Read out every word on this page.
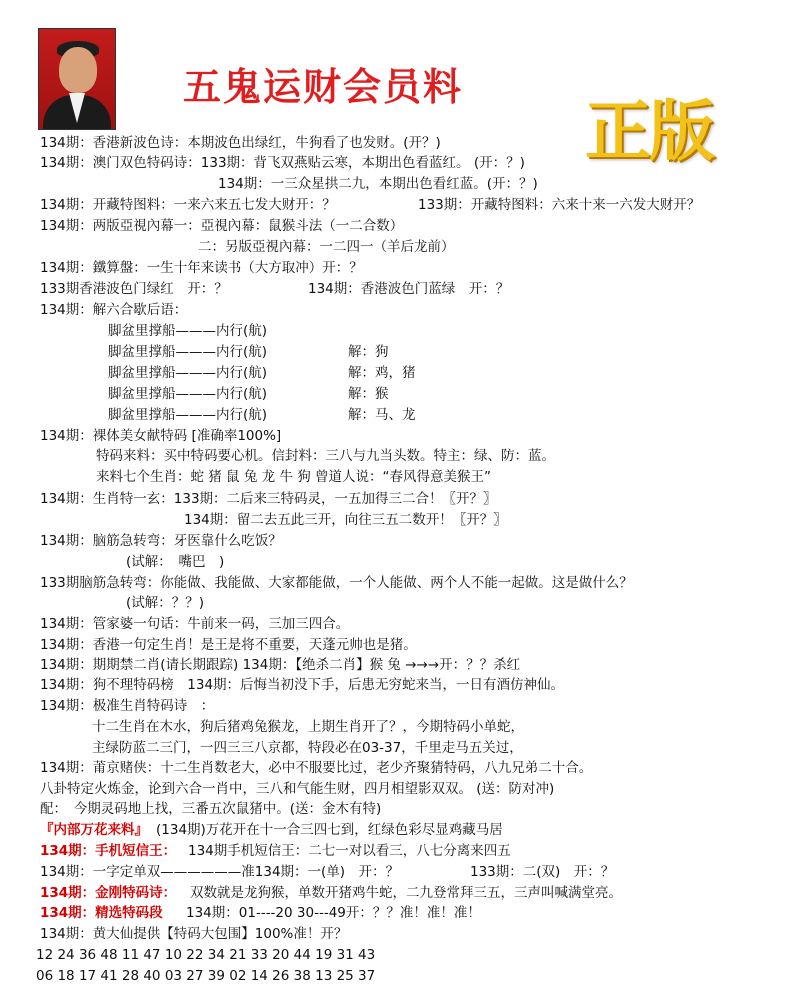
五鬼运财会员料
正版
134期：香港新波色诗：本期波色出绿红，牛狗看了也发财。(开？)
134期：澳门双色特码诗：133期：背飞双燕贴云寒，本期出色看蓝红。 (开：？)
134期：一三众星拱二九，本期出色看红蓝。(开：？)
134期：开藏特图料：一来六来五七发大财开：？	133期：开藏特图料：六来十来一六发大财开？
134期：两版亞視內幕一：亞視內幕：鼠猴斗法（一二合数）
二：另版亞視內幕：一二四一（羊后龙前）
134期：鐵算盤：一生十年来读书（大方取冲）开：？
133期香港波色门绿红　开：？	134期：香港波色门蓝绿　开：？
134期：解六合歇后语：
脚盆里撑船———内行(航)
脚盆里撑船———内行(航)	解：狗
脚盆里撑船———内行(航)	解：鸡，猪
脚盆里撑船———内行(航)	解：猴
脚盆里撑船———内行(航)	解：马、龙
134期：裸体美女献特码 [准确率100%]
特码来料：买中特码要心机。信封料：三八与九当头数。特主：绿、防：蓝。
来料七个生肖：蛇 猪 鼠 兔 龙 牛 狗 曾道人说：“春风得意美猴王”
134期：生肖特一玄：133期：二后来三特码灵，一五加得三二合！〖开？〗
134期：留二去五此三开，向往三五二数开！〖开？〗
134期：脑筋急转弯：牙医靠什么吃饭？
(试解：　嘴巴　)
133期脑筋急转弯：你能做、我能做、大家都能做，一个人能做、两个人不能一起做。这是做什么？
(试解：？？)
134期：管家婆一句话：牛前来一码，三加三四合。
134期：香港一句定生肖！是王是将不重要，天蓬元帅也是猪。
134期：期期禁二肖(请长期跟踪) 134期：【绝杀二肖】猴 兔 →→→开：？？杀红
134期：狗不理特码榜　134期：后悔当初没下手，后患无穷蛇来当，一日有酒仿神仙。
134期：极准生肖特码诗　：
十二生肖在木水，狗后猪鸡兔猴龙，上期生肖开了？，今期特码小单蛇，
主绿防蓝二三门，一四三三八京都，特段必在03-37，千里走马五关过，
134期：莆京赌侠：十二生肖数老大，必中不服要比过，老少齐聚猜特码，八九兄弟二十合。
八卦特定火炼金，论到六合一肖中，三八和气能生财，四月相望影双双。 (送：防对冲)
配：　今期灵码地上找，三番五次鼠猪中。(送：金木有特)
『内部万花来料』 (134期)万花开在十一合三四七到，红绿色彩尽显鸡藏马居
134期：手机短信王： 134期手机短信王：二七一对以看三，八七分离来四五
134期：一字定单双——————准134期：一(单)　开：？	133期：二(双)　开：？
134期：金刚特码诗： 双数就是龙狗猴，单数开猪鸡牛蛇，二九登常拜三五，三声叫喊满堂亮。
134期：精选特码段 134期：01----20 30---49开：？？准！准！准！
134期：黄大仙提供【特码大包围】100%准！开？
12 24 36 48 11 47 10 22 34 21 33 20 44 19 31 43
06 18 17 41 28 40 03 27 39 02 14 26 38 13 25 37
